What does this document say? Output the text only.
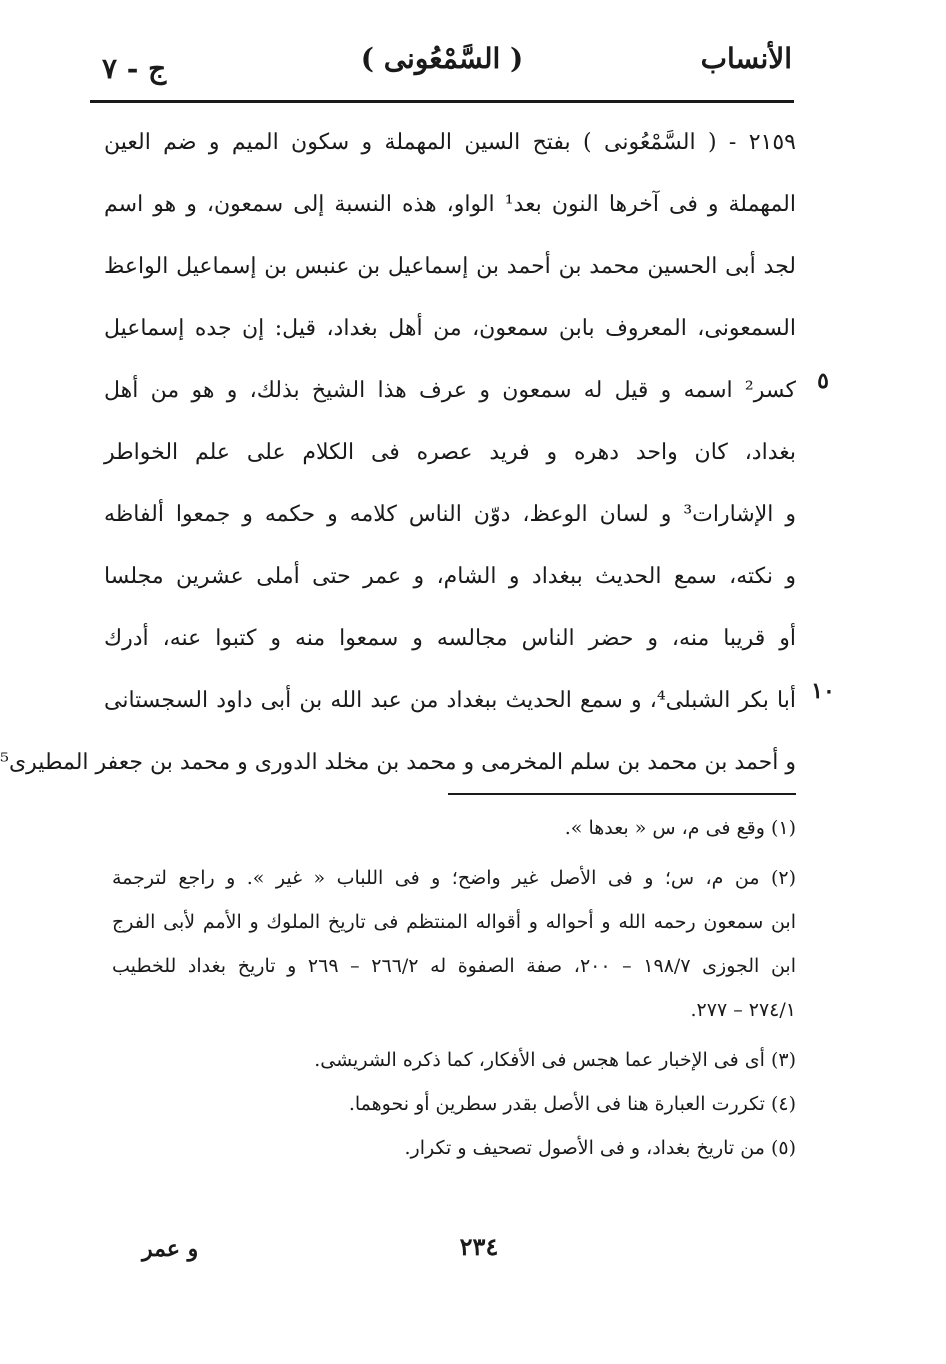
الأنساب
( السَّمْعُونى )
ج - ٧
٥
١٠
٢١٥٩ - ( السَّمْعُونى ) بفتح السين المهملة و سكون الميم و ضم العين
المهملة و فى آخرها النون بعد¹ الواو، هذه النسبة إلى سمعون، و هو اسم
لجد أبى الحسين محمد بن أحمد بن إسماعيل بن عنبس بن إسماعيل الواعظ
السمعونى، المعروف بابن سمعون، من أهل بغداد، قيل: إن جده إسماعيل
كسر² اسمه و قيل له سمعون و عرف هذا الشيخ بذلك، و هو من أهل
بغداد، كان واحد دهره و فريد عصره فى الكلام على علم الخواطر
و الإشارات³ و لسان الوعظ، دوّن الناس كلامه و حكمه و جمعوا ألفاظه
و نكته، سمع الحديث ببغداد و الشام، و عمر حتى أملى عشرين مجلسا
أو قريبا منه، و حضر الناس مجالسه و سمعوا منه و كتبوا عنه، أدرك
أبا بكر الشبلى⁴، و سمع الحديث ببغداد من عبد الله بن أبى داود السجستانى
و أحمد بن محمد بن سلم المخرمى و محمد بن مخلد الدورى و محمد بن جعفر المطيرى⁵
(١) وقع فى م، س « بعدها ».
(٢) من م، س؛ و فى الأصل غير واضح؛ و فى اللباب « غير ». و راجع لترجمة
ابن سمعون رحمه الله و أحواله و أقواله المنتظم فى تاريخ الملوك و الأمم لأبى الفرج
ابن الجوزى ١٩٨/٧ – ٢٠٠، صفة الصفوة له ٢٦٦/٢ – ٢٦٩ و تاريخ بغداد للخطيب
٢٧٤/١ – ٢٧٧.
(٣) أى فى الإخبار عما هجس فى الأفكار، كما ذكره الشريشى.
(٤) تكررت العبارة هنا فى الأصل بقدر سطرين أو نحوهما.
(٥) من تاريخ بغداد، و فى الأصول تصحيف و تكرار.
٢٣٤
و عمر
